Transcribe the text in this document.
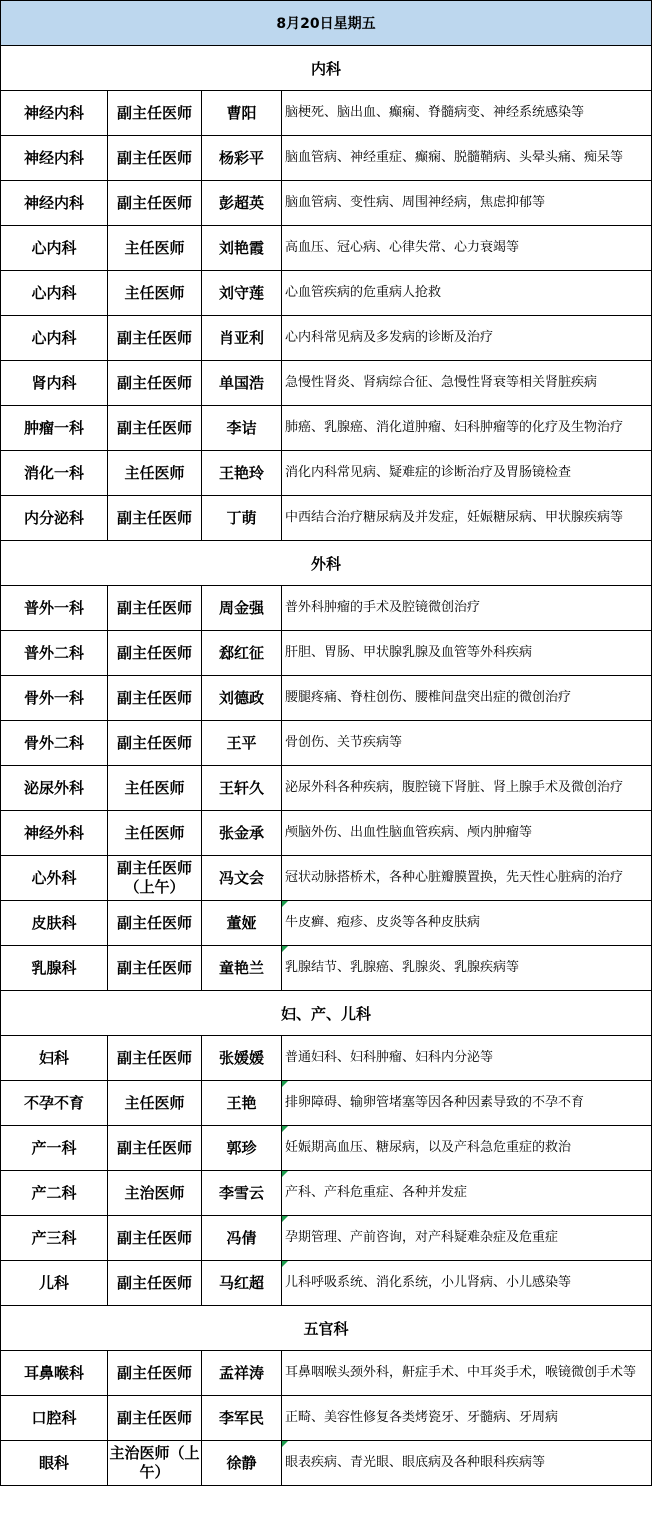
8月20日星期五			
内科			
神经内科	副主任医师	曹阳	脑梗死、脑出血、癫痫、脊髓病变、神经系统感染等
神经内科	副主任医师	杨彩平	脑血管病、神经重症、癫痫、脱髓鞘病、头晕头痛、痴呆等
神经内科	副主任医师	彭超英	脑血管病、变性病、周围神经病，焦虑抑郁等
心内科	主任医师	刘艳霞	高血压、冠心病、心律失常、心力衰竭等
心内科	主任医师	刘守莲	心血管疾病的危重病人抢救
心内科	副主任医师	肖亚利	心内科常见病及多发病的诊断及治疗
肾内科	副主任医师	单国浩	急慢性肾炎、肾病综合征、急慢性肾衰等相关肾脏疾病
肿瘤一科	副主任医师	李诘	肺癌、乳腺癌、消化道肿瘤、妇科肿瘤等的化疗及生物治疗
消化一科	主任医师	王艳玲	消化内科常见病、疑难症的诊断治疗及胃肠镜检查
内分泌科	副主任医师	丁萌	中西结合治疗糖尿病及并发症，妊娠糖尿病、甲状腺疾病等
外科			
普外一科	副主任医师	周金强	普外科肿瘤的手术及腔镜微创治疗
普外二科	副主任医师	郄红征	肝胆、胃肠、甲状腺乳腺及血管等外科疾病
骨外一科	副主任医师	刘德政	腰腿疼痛、脊柱创伤、腰椎间盘突出症的微创治疗
骨外二科	副主任医师	王平	骨创伤、关节疾病等
泌尿外科	主任医师	王轩久	泌尿外科各种疾病，腹腔镜下肾脏、肾上腺手术及微创治疗
神经外科	主任医师	张金承	颅脑外伤、出血性脑血管疾病、颅内肿瘤等
心外科	副主任医师（上午）	冯文会	冠状动脉搭桥术，各种心脏瓣膜置换，先天性心脏病的治疗
皮肤科	副主任医师	董娅	牛皮癣、疱疹、皮炎等各种皮肤病
乳腺科	副主任医师	童艳兰	乳腺结节、乳腺癌、乳腺炎、乳腺疾病等
妇、产、儿科			
妇科	副主任医师	张媛媛	普通妇科、妇科肿瘤、妇科内分泌等
不孕不育	主任医师	王艳	排卵障碍、输卵管堵塞等因各种因素导致的不孕不育
产一科	副主任医师	郭珍	妊娠期高血压、糖尿病，以及产科急危重症的救治
产二科	主治医师	李雪云	产科、产科危重症、各种并发症
产三科	副主任医师	冯倩	孕期管理、产前咨询，对产科疑难杂症及危重症
儿科	副主任医师	马红超	儿科呼吸系统、消化系统，小儿肾病、小儿感染等
五官科			
耳鼻喉科	副主任医师	孟祥涛	耳鼻咽喉头颈外科，鼾症手术、中耳炎手术，喉镜微创手术等
口腔科	副主任医师	李军民	正畸、美容性修复各类烤瓷牙、牙髓病、牙周病
眼科	主治医师（上午）	徐静	眼表疾病、青光眼、眼底病及各种眼科疾病等
